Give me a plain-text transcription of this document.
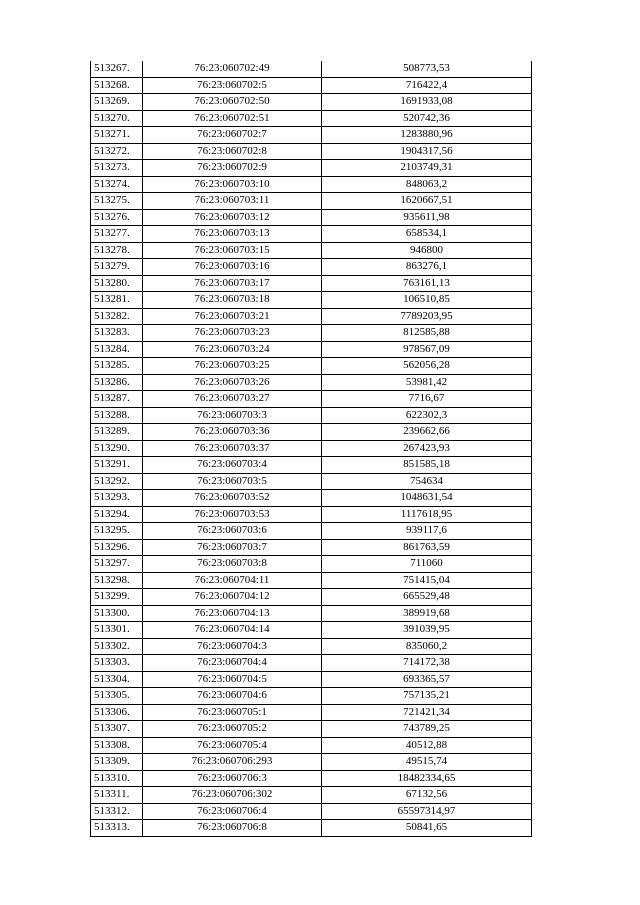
513267.	76:23:060702:49	508773,53
513268.	76:23:060702:5	716422,4
513269.	76:23:060702:50	1691933,08
513270.	76:23:060702:51	520742,36
513271.	76:23:060702:7	1283880,96
513272.	76:23:060702:8	1904317,56
513273.	76:23:060702:9	2103749,31
513274.	76:23:060703:10	848063,2
513275.	76:23:060703:11	1620667,51
513276.	76:23:060703:12	935611,98
513277.	76:23:060703:13	658534,1
513278.	76:23:060703:15	946800
513279.	76:23:060703:16	863276,1
513280.	76:23:060703:17	763161,13
513281.	76:23:060703:18	106510,85
513282.	76:23:060703:21	7789203,95
513283.	76:23:060703:23	812585,88
513284.	76:23:060703:24	978567,09
513285.	76:23:060703:25	562056,28
513286.	76:23:060703:26	53981,42
513287.	76:23:060703:27	7716,67
513288.	76:23:060703:3	622302,3
513289.	76:23:060703:36	239662,66
513290.	76:23:060703:37	267423,93
513291.	76:23:060703:4	851585,18
513292.	76:23:060703:5	754634
513293.	76:23:060703:52	1048631,54
513294.	76:23:060703:53	1117618,95
513295.	76:23:060703:6	939117,6
513296.	76:23:060703:7	861763,59
513297.	76:23:060703:8	711060
513298.	76:23:060704:11	751415,04
513299.	76:23:060704:12	665529,48
513300.	76:23:060704:13	389919,68
513301.	76:23:060704:14	391039,95
513302.	76:23:060704:3	835060,2
513303.	76:23:060704:4	714172,38
513304.	76:23:060704:5	693365,57
513305.	76:23:060704:6	757135,21
513306.	76:23:060705:1	721421,34
513307.	76:23:060705:2	743789,25
513308.	76:23:060705:4	40512,88
513309.	76:23:060706:293	49515,74
513310.	76:23:060706:3	18482334,65
513311.	76:23:060706:302	67132,56
513312.	76:23:060706:4	65597314,97
513313.	76:23:060706:8	50841,65
